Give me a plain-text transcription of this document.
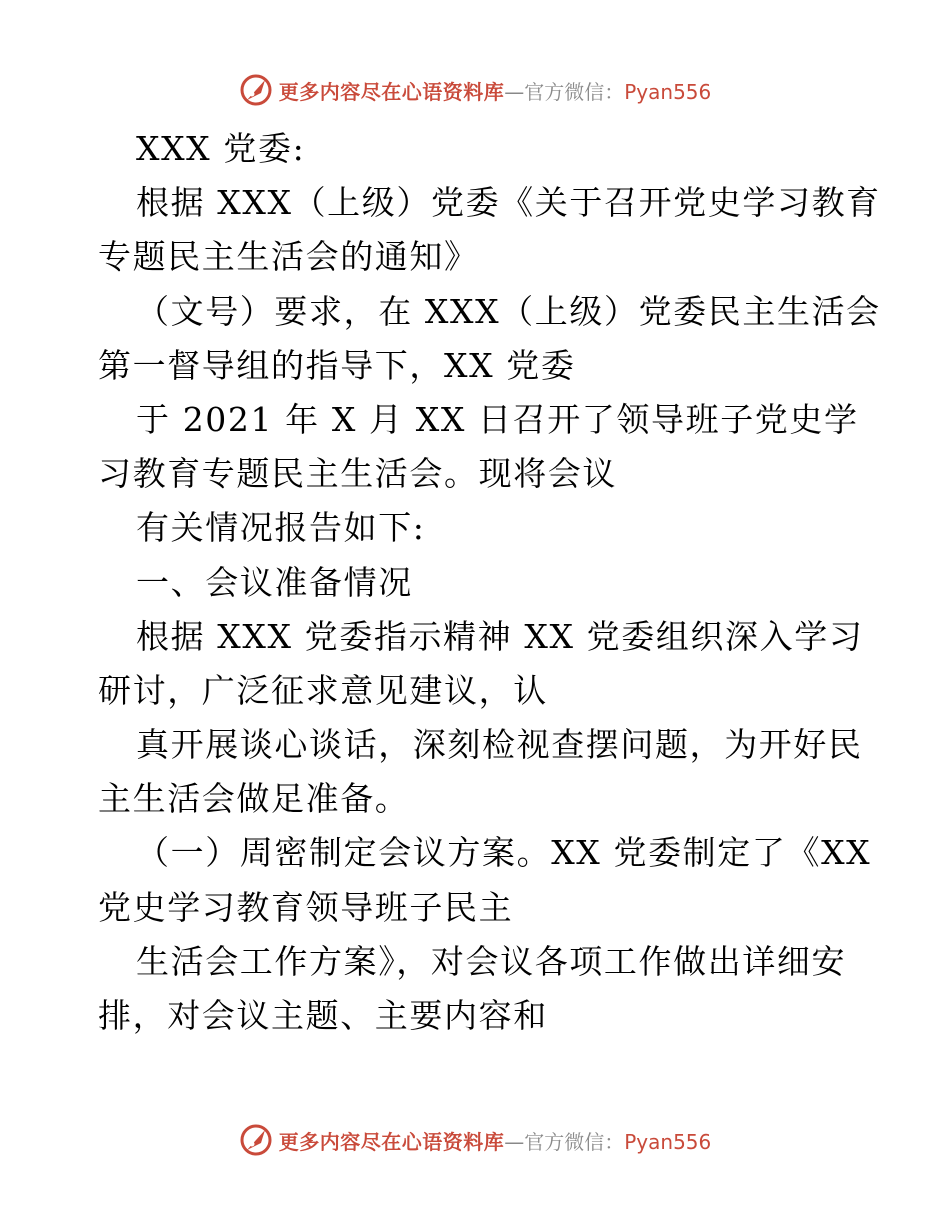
更多内容尽在心语资料库—官方微信：Pyan556
XXX 党委:
根据 XXX（上级）党委《关于召开党史学习教育
专题民主生活会的通知》
（文号）要求，在 XXX（上级）党委民主生活会
第一督导组的指导下，XX 党委
于 2021 年 X 月 XX 日召开了领导班子党史学
习教育专题民主生活会。现将会议
有关情况报告如下:
一、会议准备情况
根据 XXX 党委指示精神 XX 党委组织深入学习
研讨，广泛征求意见建议，认
真开展谈心谈话，深刻检视查摆问题，为开好民
主生活会做足准备。
（一）周密制定会议方案。XX 党委制定了《XX
党史学习教育领导班子民主
生活会工作方案》，对会议各项工作做出详细安
排，对会议主题、主要内容和
更多内容尽在心语资料库—官方微信：Pyan556
